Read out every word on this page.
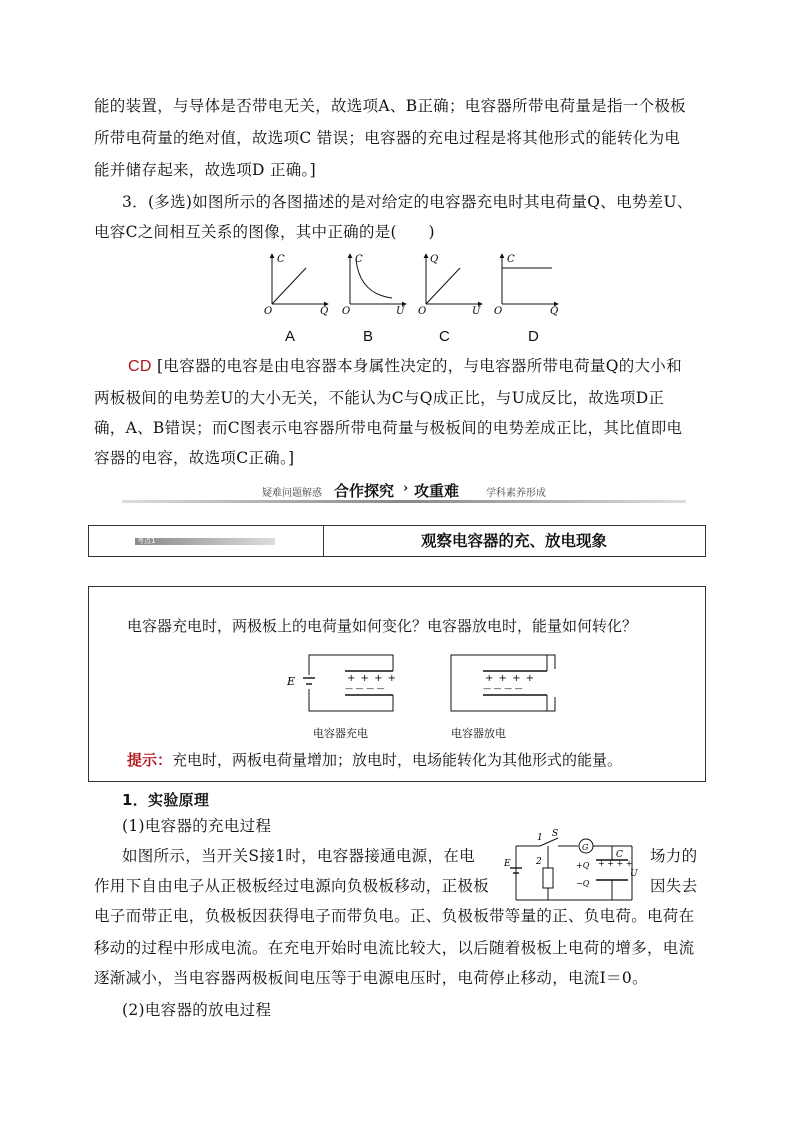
能的装置，与导体是否带电无关，故选项A、B正确；电容器所带电荷量是指一个极板
所带电荷量的绝对值，故选项C 错误；电容器的充电过程是将其他形式的能转化为电
能并储存起来，故选项D 正确。]
3．(多选)如图所示的各图描述的是对给定的电容器充电时其电荷量Q、电势差U、
电容C之间相互关系的图像，其中正确的是(　　)
C
O	Q
C
O	U
Q
O	U
C
O	Q
A	B	C	D
CD [电容器的电容是由电容器本身属性决定的，与电容器所带电荷量Q的大小和
两板极间的电势差U的大小无关，不能认为C与Q成正比，与U成反比，故选项D正
确，A、B错误；而C图表示电容器所带电荷量与极板间的电势差成正比，其比值即电
容器的电容，故选项C正确。]
疑难问题解惑 合作探究 › 攻重难	学科素养形成
考点1	观察电容器的充、放电现象
电容器充电时，两极板上的电荷量如何变化？电容器放电时，能量如何转化？
E	+ + + +
— — — —
+ + + +
— — — —
电容器充电	电容器放电
提示：充电时，两板电荷量增加；放电时，电场能转化为其他形式的能量。
1．实验原理
(1)电容器的充电过程
如图所示，当开关S接1时，电容器接通电源，在电	场力的
作用下自由电子从正极板经过电源向负极板移动，正极板	因失去
电子而带正电，负极板因获得电子而带负电。正、负极板带等量的正、负电荷。电荷在
移动的过程中形成电流。在充电开始时电流比较大，以后随着极板上电荷的增多，电流
逐渐减小，当电容器两极板间电压等于电源电压时，电荷停止移动，电流I＝0。
(2)电容器的放电过程
1
2
S
G
C
+Q
−Q
U
E	+ + + +
